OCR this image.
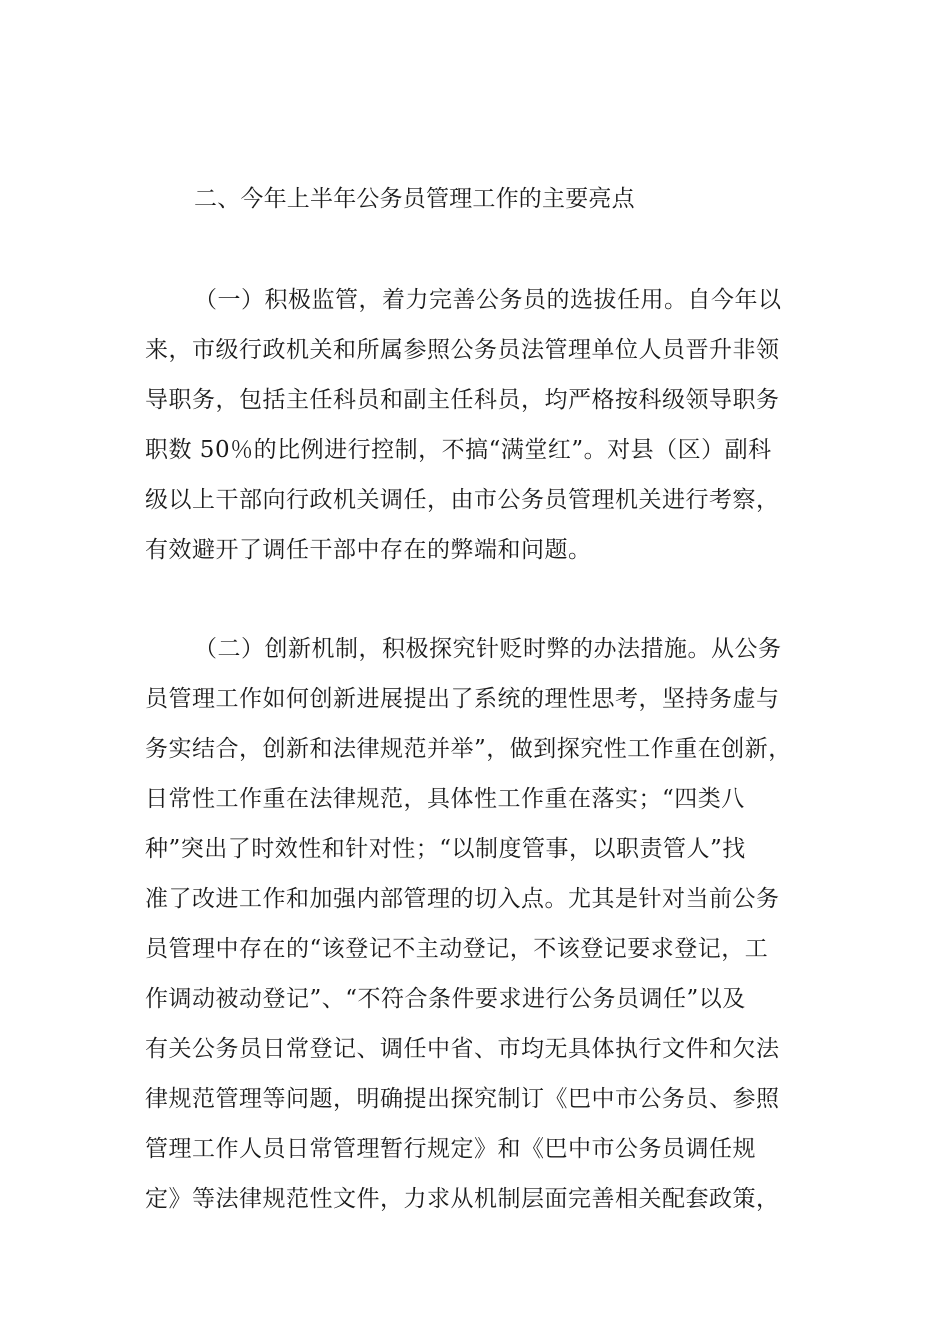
二、今年上半年公务员管理工作的主要亮点
（一）积极监管，着力完善公务员的选拔任用。自今年以
来，市级行政机关和所属参照公务员法管理单位人员晋升非领
导职务，包括主任科员和副主任科员，均严格按科级领导职务
职数 50％的比例进行控制，不搞“满堂红”。对县（区）副科
级以上干部向行政机关调任，由市公务员管理机关进行考察，
有效避开了调任干部中存在的弊端和问题。
（二）创新机制，积极探究针贬时弊的办法措施。从公务
员管理工作如何创新进展提出了系统的理性思考，坚持务虚与
务实结合，创新和法律规范并举”，做到探究性工作重在创新，
日常性工作重在法律规范，具体性工作重在落实；“四类八
种”突出了时效性和针对性；“以制度管事，以职责管人”找
准了改进工作和加强内部管理的切入点。尤其是针对当前公务
员管理中存在的“该登记不主动登记，不该登记要求登记，工
作调动被动登记”、“不符合条件要求进行公务员调任”以及
有关公务员日常登记、调任中省、市均无具体执行文件和欠法
律规范管理等问题，明确提出探究制订《巴中市公务员、参照
管理工作人员日常管理暂行规定》和《巴中市公务员调任规
定》等法律规范性文件，力求从机制层面完善相关配套政策，
